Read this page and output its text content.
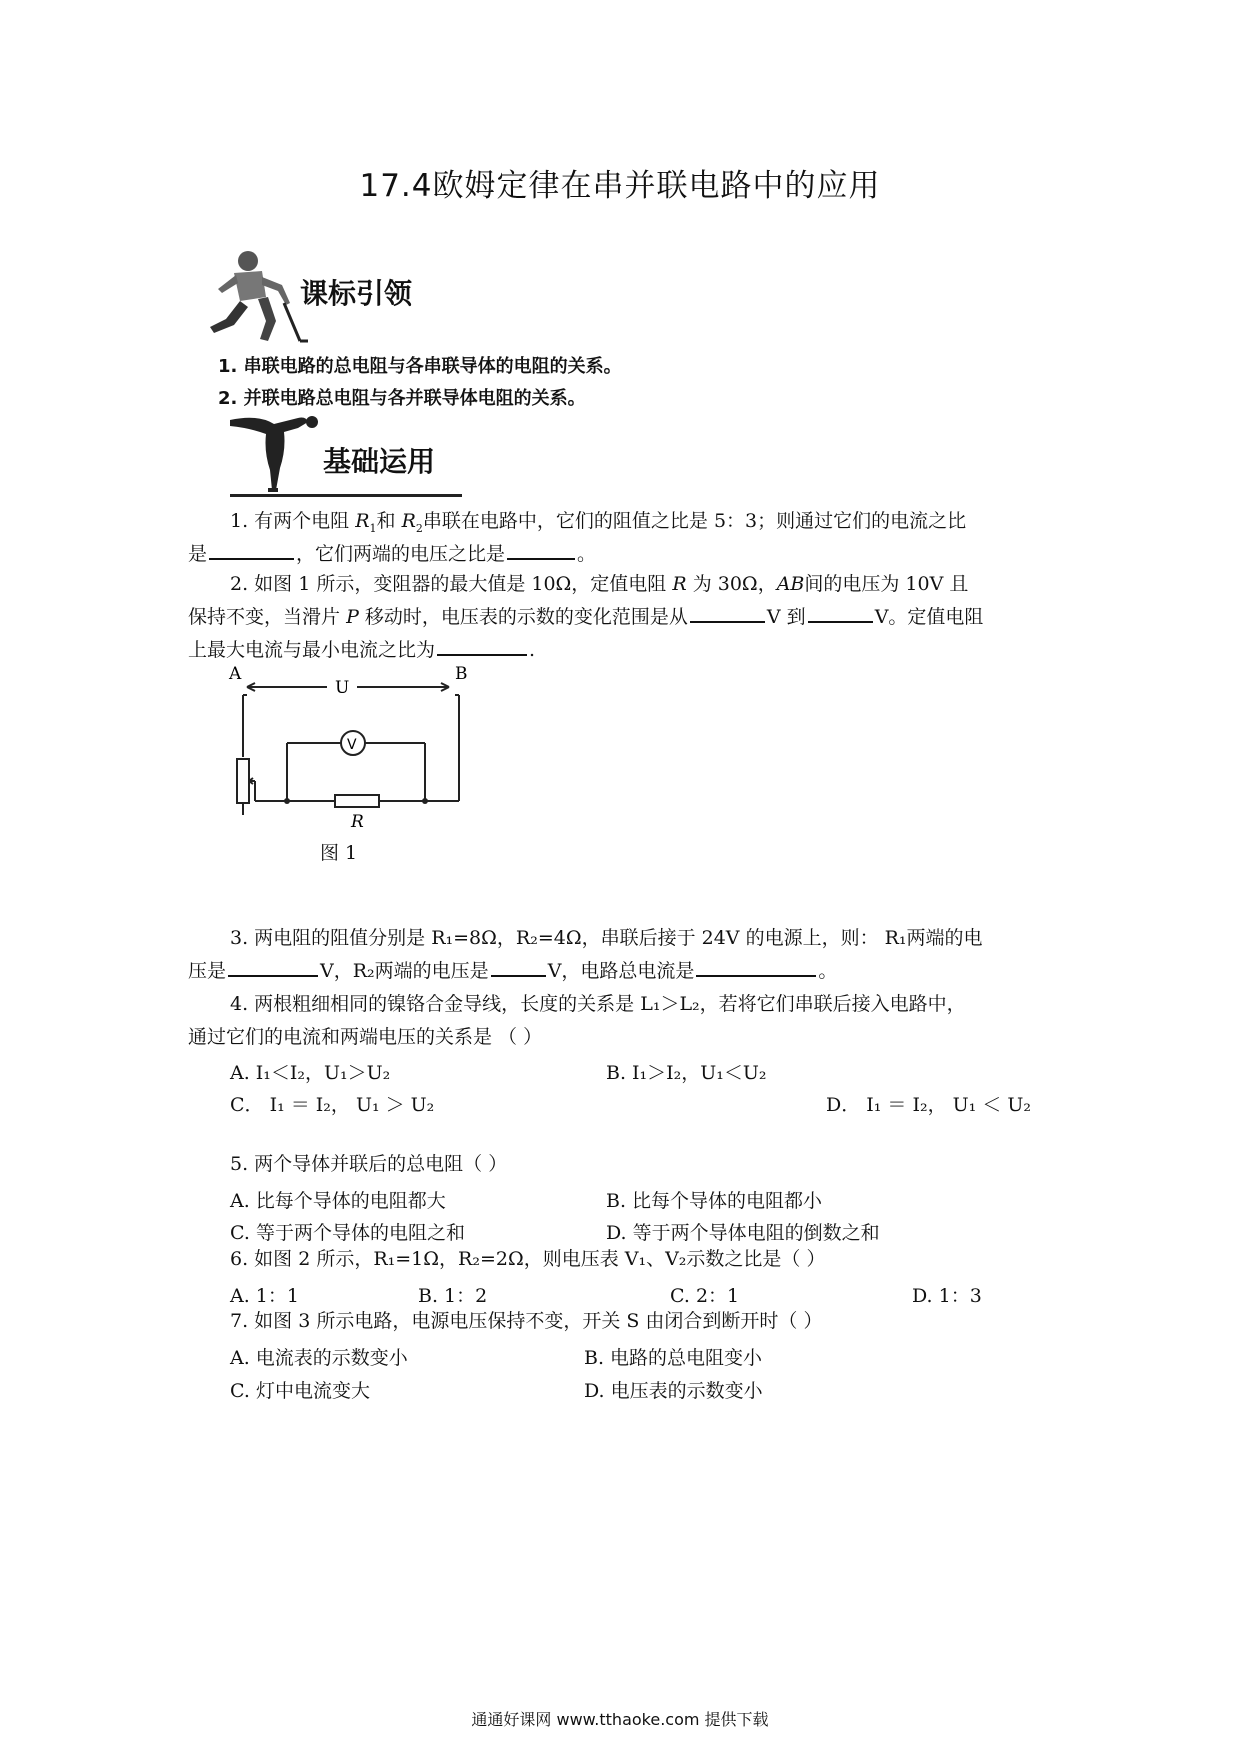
17.4欧姆定律在串并联电路中的应用
课标引领
1. 串联电路的总电阻与各串联导体的电阻的关系。
2. 并联电路总电阻与各并联导体电阻的关系。
基础运用
1. 有两个电阻 $R_1$和 $R_2$串联在电路中，它们的阻值之比是 5：3；则通过它们的电流之比
是	，它们两端的电压之比是	。
2. 如图 1 所示，变阻器的最大值是 10Ω，定值电阻 R 为 30Ω，AB间的电压为 10V 且
保持不变，当滑片 P 移动时，电压表的示数的变化范围是从	V 到	V。定值电阻
上最大电流与最小电流之比为	.
A	B
U
V
R
图 1
3. 两电阻的阻值分别是 R₁=8Ω，R₂=4Ω，串联后接于 24V 的电源上，则： R₁两端的电
压是	V，R₂两端的电压是	V，电路总电流是	。
4. 两根粗细相同的镍铬合金导线，长度的关系是 L₁＞L₂，若将它们串联后接入电路中，
通过它们的电流和两端电压的关系是 （ ）
A. I₁＜I₂，U₁＞U₂	B. I₁＞I₂，U₁＜U₂
C． I₁ ＝ I₂， U₁ ＞ U₂	D． I₁ ＝ I₂， U₁ ＜ U₂
5. 两个导体并联后的总电阻（ ）
A. 比每个导体的电阻都大	B. 比每个导体的电阻都小
C. 等于两个导体的电阻之和	D. 等于两个导体电阻的倒数之和
6. 如图 2 所示，R₁=1Ω，R₂=2Ω，则电压表 V₁、V₂示数之比是（ ）
A. 1：1	B. 1：2	C. 2：1	D. 1：3
7. 如图 3 所示电路，电源电压保持不变，开关 S 由闭合到断开时（ ）
A. 电流表的示数变小	B. 电路的总电阻变小
C. 灯中电流变大	D. 电压表的示数变小
通通好课网 www.tthaoke.com 提供下载
